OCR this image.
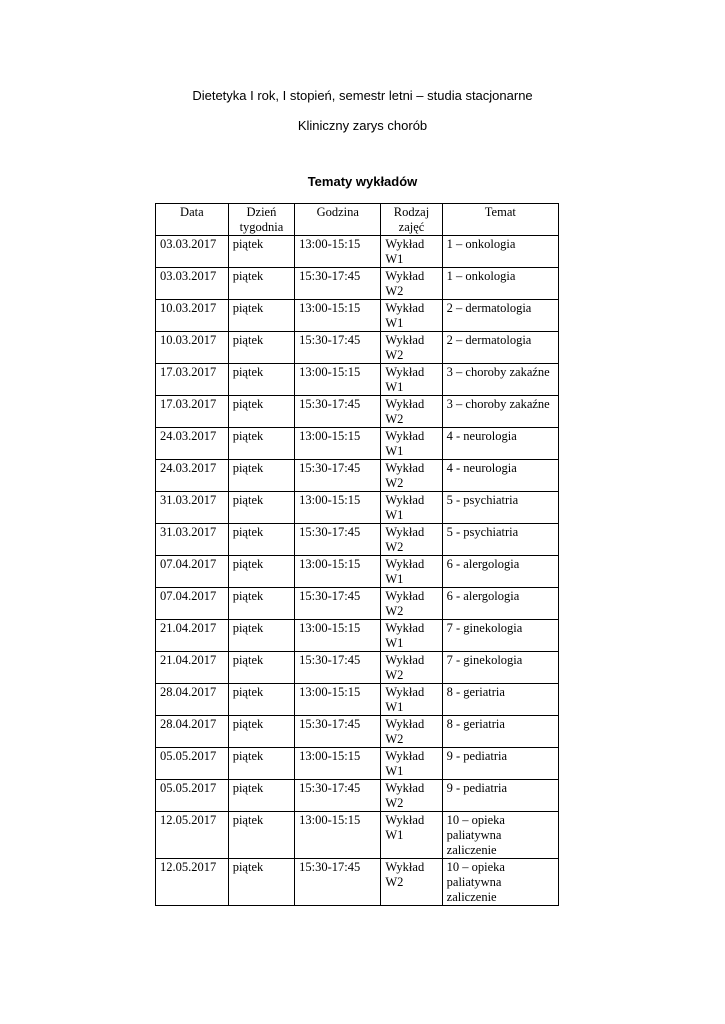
Dietetyka I rok, I stopień, semestr letni – studia stacjonarne
Kliniczny zarys chorób
Tematy wykładów
Data	Dzień tygodnia	Godzina	Rodzaj zajęć	Temat
03.03.2017	piątek	13:00-15:15	Wykład W1	1 – onkologia
03.03.2017	piątek	15:30-17:45	Wykład W2	1 – onkologia
10.03.2017	piątek	13:00-15:15	Wykład W1	2 – dermatologia
10.03.2017	piątek	15:30-17:45	Wykład W2	2 – dermatologia
17.03.2017	piątek	13:00-15:15	Wykład W1	3 – choroby zakaźne
17.03.2017	piątek	15:30-17:45	Wykład W2	3 – choroby zakaźne
24.03.2017	piątek	13:00-15:15	Wykład W1	4 - neurologia
24.03.2017	piątek	15:30-17:45	Wykład W2	4 - neurologia
31.03.2017	piątek	13:00-15:15	Wykład W1	5 - psychiatria
31.03.2017	piątek	15:30-17:45	Wykład W2	5 - psychiatria
07.04.2017	piątek	13:00-15:15	Wykład W1	6 - alergologia
07.04.2017	piątek	15:30-17:45	Wykład W2	6 - alergologia
21.04.2017	piątek	13:00-15:15	Wykład W1	7 - ginekologia
21.04.2017	piątek	15:30-17:45	Wykład W2	7 - ginekologia
28.04.2017	piątek	13:00-15:15	Wykład W1	8 - geriatria
28.04.2017	piątek	15:30-17:45	Wykład W2	8 - geriatria
05.05.2017	piątek	13:00-15:15	Wykład W1	9 - pediatria
05.05.2017	piątek	15:30-17:45	Wykład W2	9 - pediatria
12.05.2017	piątek	13:00-15:15	Wykład W1	10 – opieka paliatywna zaliczenie
12.05.2017	piątek	15:30-17:45	Wykład W2	10 – opieka paliatywna zaliczenie
